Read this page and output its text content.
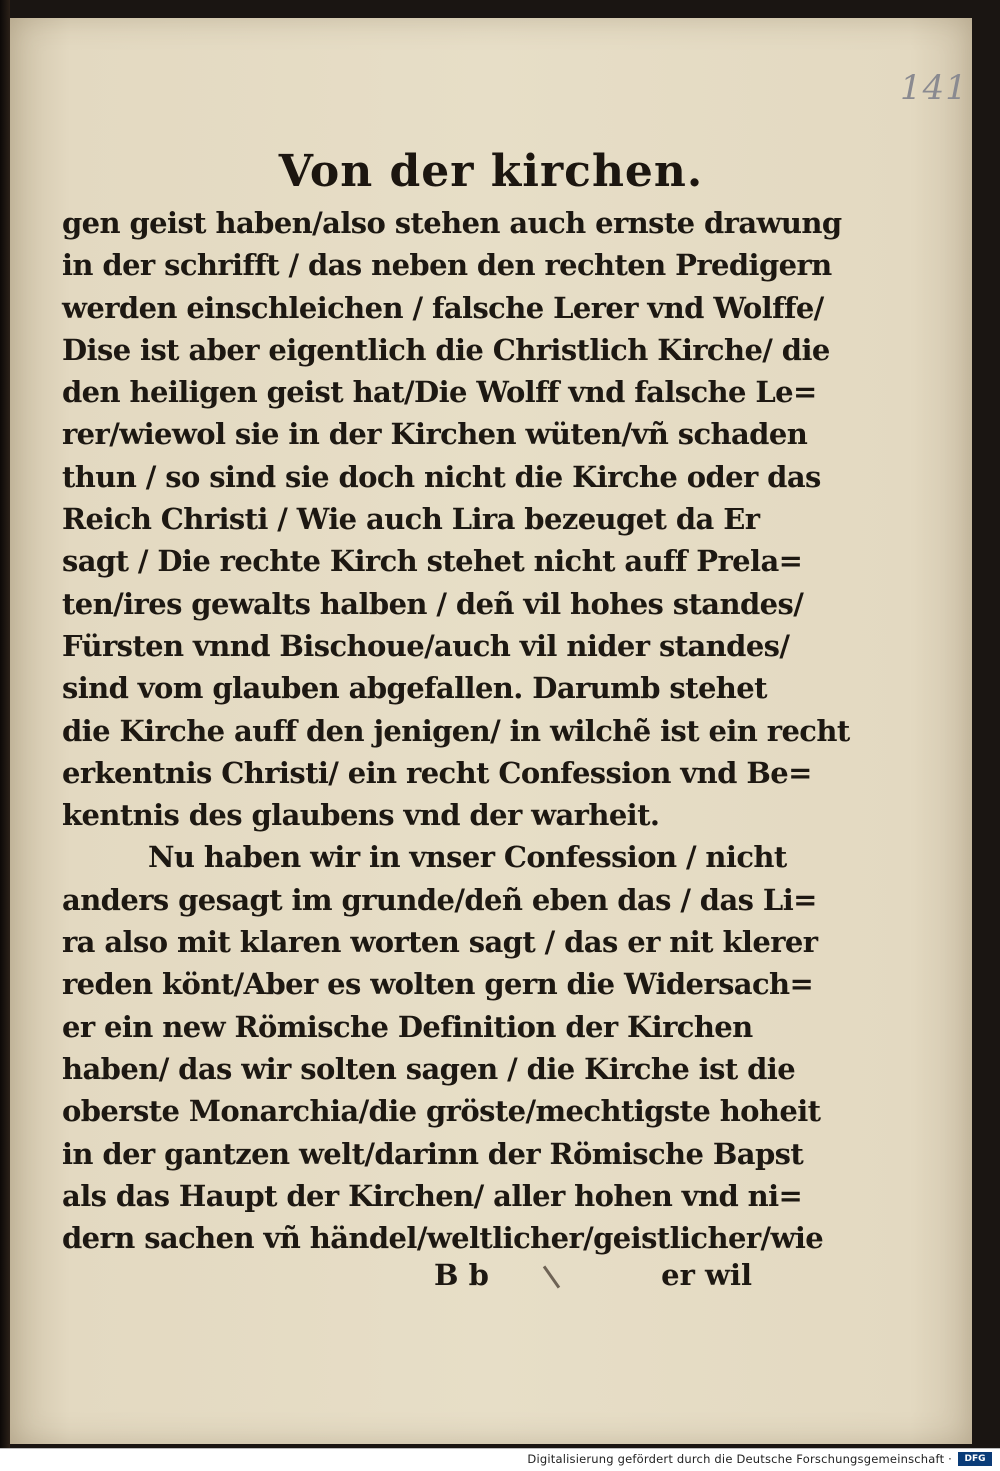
141
Von der kirchen.
gen geist haben/also stehen auch ernste drawung
in der schrifft / das neben den rechten Predigern
werden einschleichen / falsche Lerer vnd Wolffe/
Dise ist aber eigentlich die Christlich Kirche/ die
den heiligen geist hat/Die Wolff vnd falsche Le=
rer/wiewol sie in der Kirchen wüten/vñ schaden
thun / so sind sie doch nicht die Kirche oder das
Reich Christi / Wie auch Lira bezeuget da Er
sagt / Die rechte Kirch stehet nicht auff Prela=
ten/ires gewalts halben / deñ vil hohes standes/
Fürsten vnnd Bischoue/auch vil nider standes/
sind vom glauben abgefallen. Darumb stehet
die Kirche auff den jenigen/ in wilchẽ ist ein recht
erkentnis Christi/ ein recht Confession vnd Be=
kentnis des glaubens vnd der warheit.
Nu haben wir in vnser Confession / nicht
anders gesagt im grunde/deñ eben das / das Li=
ra also mit klaren worten sagt / das er nit klerer
reden könt/Aber es wolten gern die Widersach=
er ein new Römische Definition der Kirchen
haben/ das wir solten sagen / die Kirche ist die
oberste Monarchia/die gröste/mechtigste hoheit
in der gantzen welt/darinn der Römische Bapst
als das Haupt der Kirchen/ aller hohen vnd ni=
dern sachen vñ händel/weltlicher/geistlicher/wie
B b	er wil
Digitalisierung gefördert durch die Deutsche Forschungsgemeinschaft ·	DFG
